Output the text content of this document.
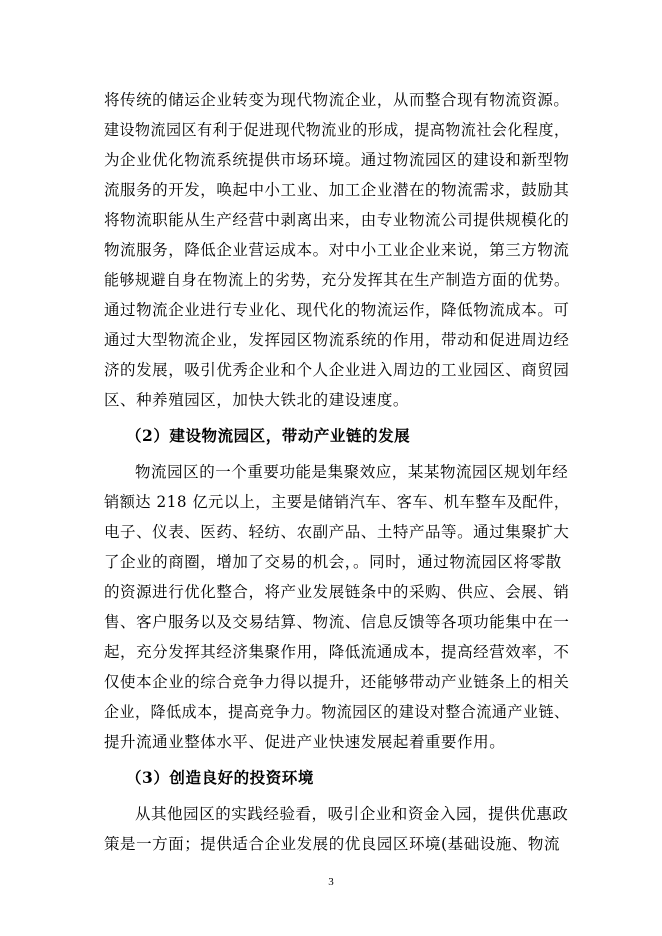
将传统的储运企业转变为现代物流企业，从而整合现有物流资源。
建设物流园区有利于促进现代物流业的形成，提高物流社会化程度，
为企业优化物流系统提供市场环境。通过物流园区的建设和新型物
流服务的开发，唤起中小工业、加工企业潜在的物流需求，鼓励其
将物流职能从生产经营中剥离出来，由专业物流公司提供规模化的
物流服务，降低企业营运成本。对中小工业企业来说，第三方物流
能够规避自身在物流上的劣势，充分发挥其在生产制造方面的优势。
通过物流企业进行专业化、现代化的物流运作，降低物流成本。可
通过大型物流企业，发挥园区物流系统的作用，带动和促进周边经
济的发展，吸引优秀企业和个人企业进入周边的工业园区、商贸园
区、种养殖园区，加快大铁北的建设速度。
（2）建设物流园区，带动产业链的发展
物流园区的一个重要功能是集聚效应，某某物流园区规划年经
销额达 218 亿元以上，主要是储销汽车、客车、机车整车及配件，
电子、仪表、医药、轻纺、农副产品、土特产品等。通过集聚扩大
了企业的商圈，增加了交易的机会，。同时，通过物流园区将零散
的资源进行优化整合，将产业发展链条中的采购、供应、会展、销
售、客户服务以及交易结算、物流、信息反馈等各项功能集中在一
起，充分发挥其经济集聚作用，降低流通成本，提高经营效率，不
仅使本企业的综合竞争力得以提升，还能够带动产业链条上的相关
企业，降低成本，提高竞争力。物流园区的建设对整合流通产业链、
提升流通业整体水平、促进产业快速发展起着重要作用。
（3）创造良好的投资环境
从其他园区的实践经验看，吸引企业和资金入园，提供优惠政
策是一方面；提供适合企业发展的优良园区环境(基础设施、物流
3
